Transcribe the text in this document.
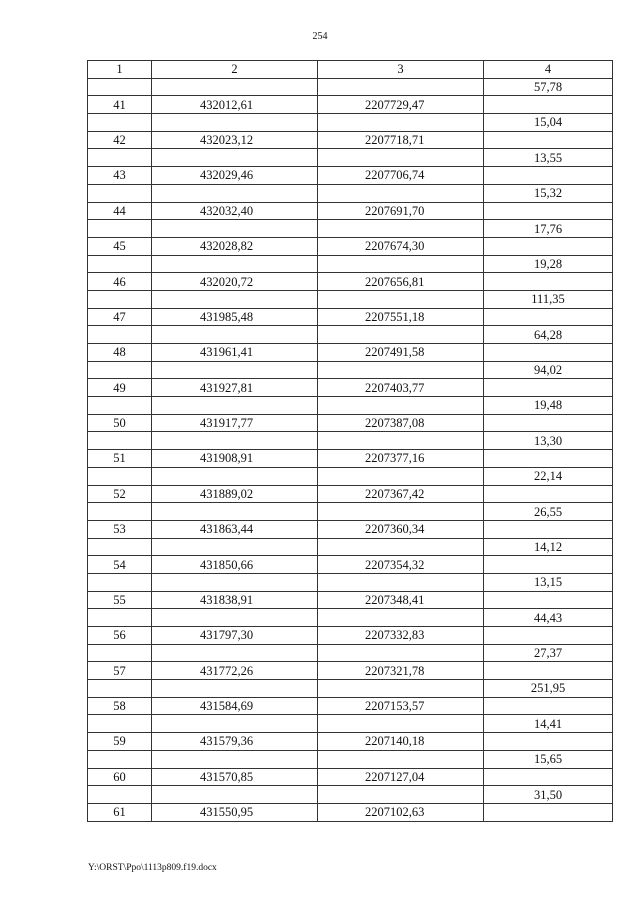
254
1	2	3	4
			57,78
41	432012,61	2207729,47	
			15,04
42	432023,12	2207718,71	
			13,55
43	432029,46	2207706,74	
			15,32
44	432032,40	2207691,70	
			17,76
45	432028,82	2207674,30	
			19,28
46	432020,72	2207656,81	
			111,35
47	431985,48	2207551,18	
			64,28
48	431961,41	2207491,58	
			94,02
49	431927,81	2207403,77	
			19,48
50	431917,77	2207387,08	
			13,30
51	431908,91	2207377,16	
			22,14
52	431889,02	2207367,42	
			26,55
53	431863,44	2207360,34	
			14,12
54	431850,66	2207354,32	
			13,15
55	431838,91	2207348,41	
			44,43
56	431797,30	2207332,83	
			27,37
57	431772,26	2207321,78	
			251,95
58	431584,69	2207153,57	
			14,41
59	431579,36	2207140,18	
			15,65
60	431570,85	2207127,04	
			31,50
61	431550,95	2207102,63	
Y:\ORST\Ppo\1113p809.f19.docx
